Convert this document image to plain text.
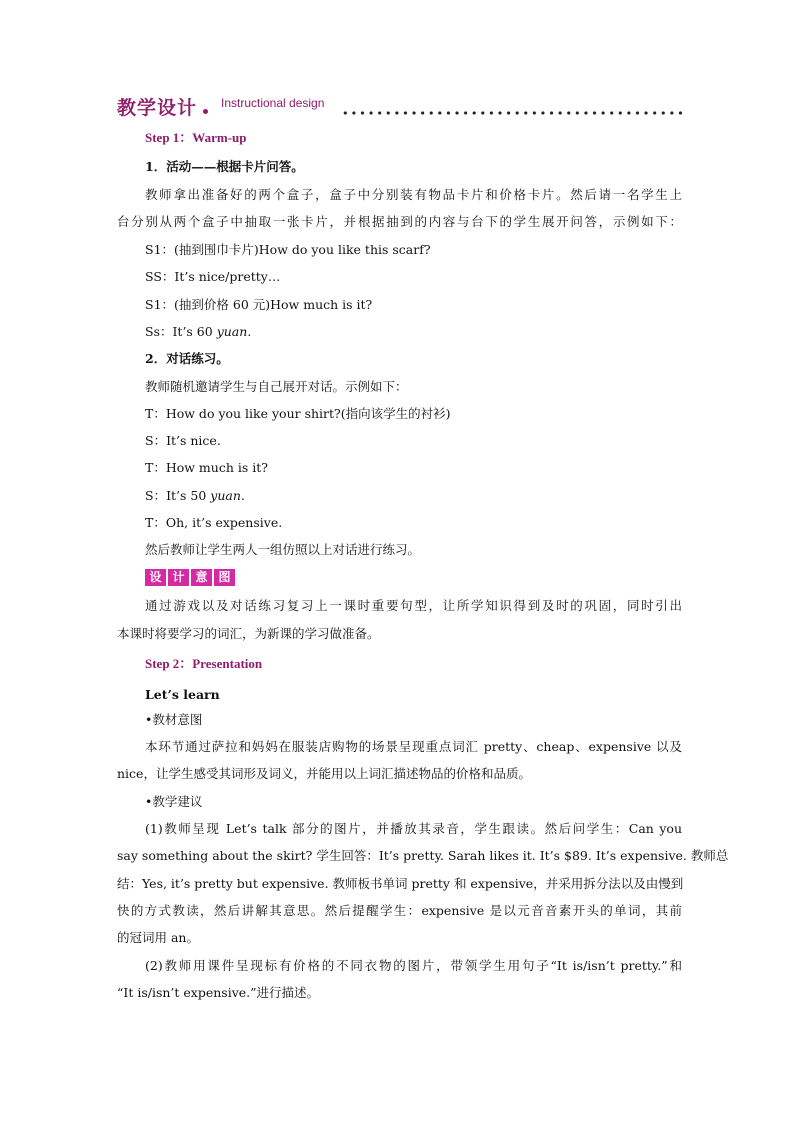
教学设计 Instructional design
Step 1：Warm-up
1．活动——根据卡片问答。
教师拿出准备好的两个盒子，盒子中分别装有物品卡片和价格卡片。然后请一名学生上
台分别从两个盒子中抽取一张卡片，并根据抽到的内容与台下的学生展开问答，示例如下：
S1：(抽到围巾卡片)How do you like this scarf?
SS：It’s nice/pretty…
S1：(抽到价格 60 元)How much is it?
Ss：It’s 60 yuan.
2．对话练习。
教师随机邀请学生与自己展开对话。示例如下：
T：How do you like your shirt?(指向该学生的衬衫)
S：It’s nice.
T：How much is it?
S：It’s 50 yuan.
T：Oh, it’s expensive.
然后教师让学生两人一组仿照以上对话进行练习。
设 计 意 图
通过游戏以及对话练习复习上一课时重要句型，让所学知识得到及时的巩固，同时引出
本课时将要学习的词汇，为新课的学习做准备。
Step 2：Presentation
Let’s learn
•教材意图
本环节通过萨拉和妈妈在服装店购物的场景呈现重点词汇 pretty、cheap、expensive 以及
nice，让学生感受其词形及词义，并能用以上词汇描述物品的价格和品质。
•教学建议
(1)教师呈现 Let’s talk 部分的图片，并播放其录音，学生跟读。然后问学生：Can you
say something about the skirt? 学生回答：It’s pretty. Sarah likes it. It’s $89. It’s expensive. 教师总
结：Yes, it’s pretty but expensive. 教师板书单词 pretty 和 expensive，并采用拆分法以及由慢到
快的方式教读，然后讲解其意思。然后提醒学生：expensive 是以元音音素开头的单词，其前
的冠词用 an。
(2)教师用课件呈现标有价格的不同衣物的图片，带领学生用句子“It is/isn’t pretty.”和
“It is/isn’t expensive.”进行描述。
